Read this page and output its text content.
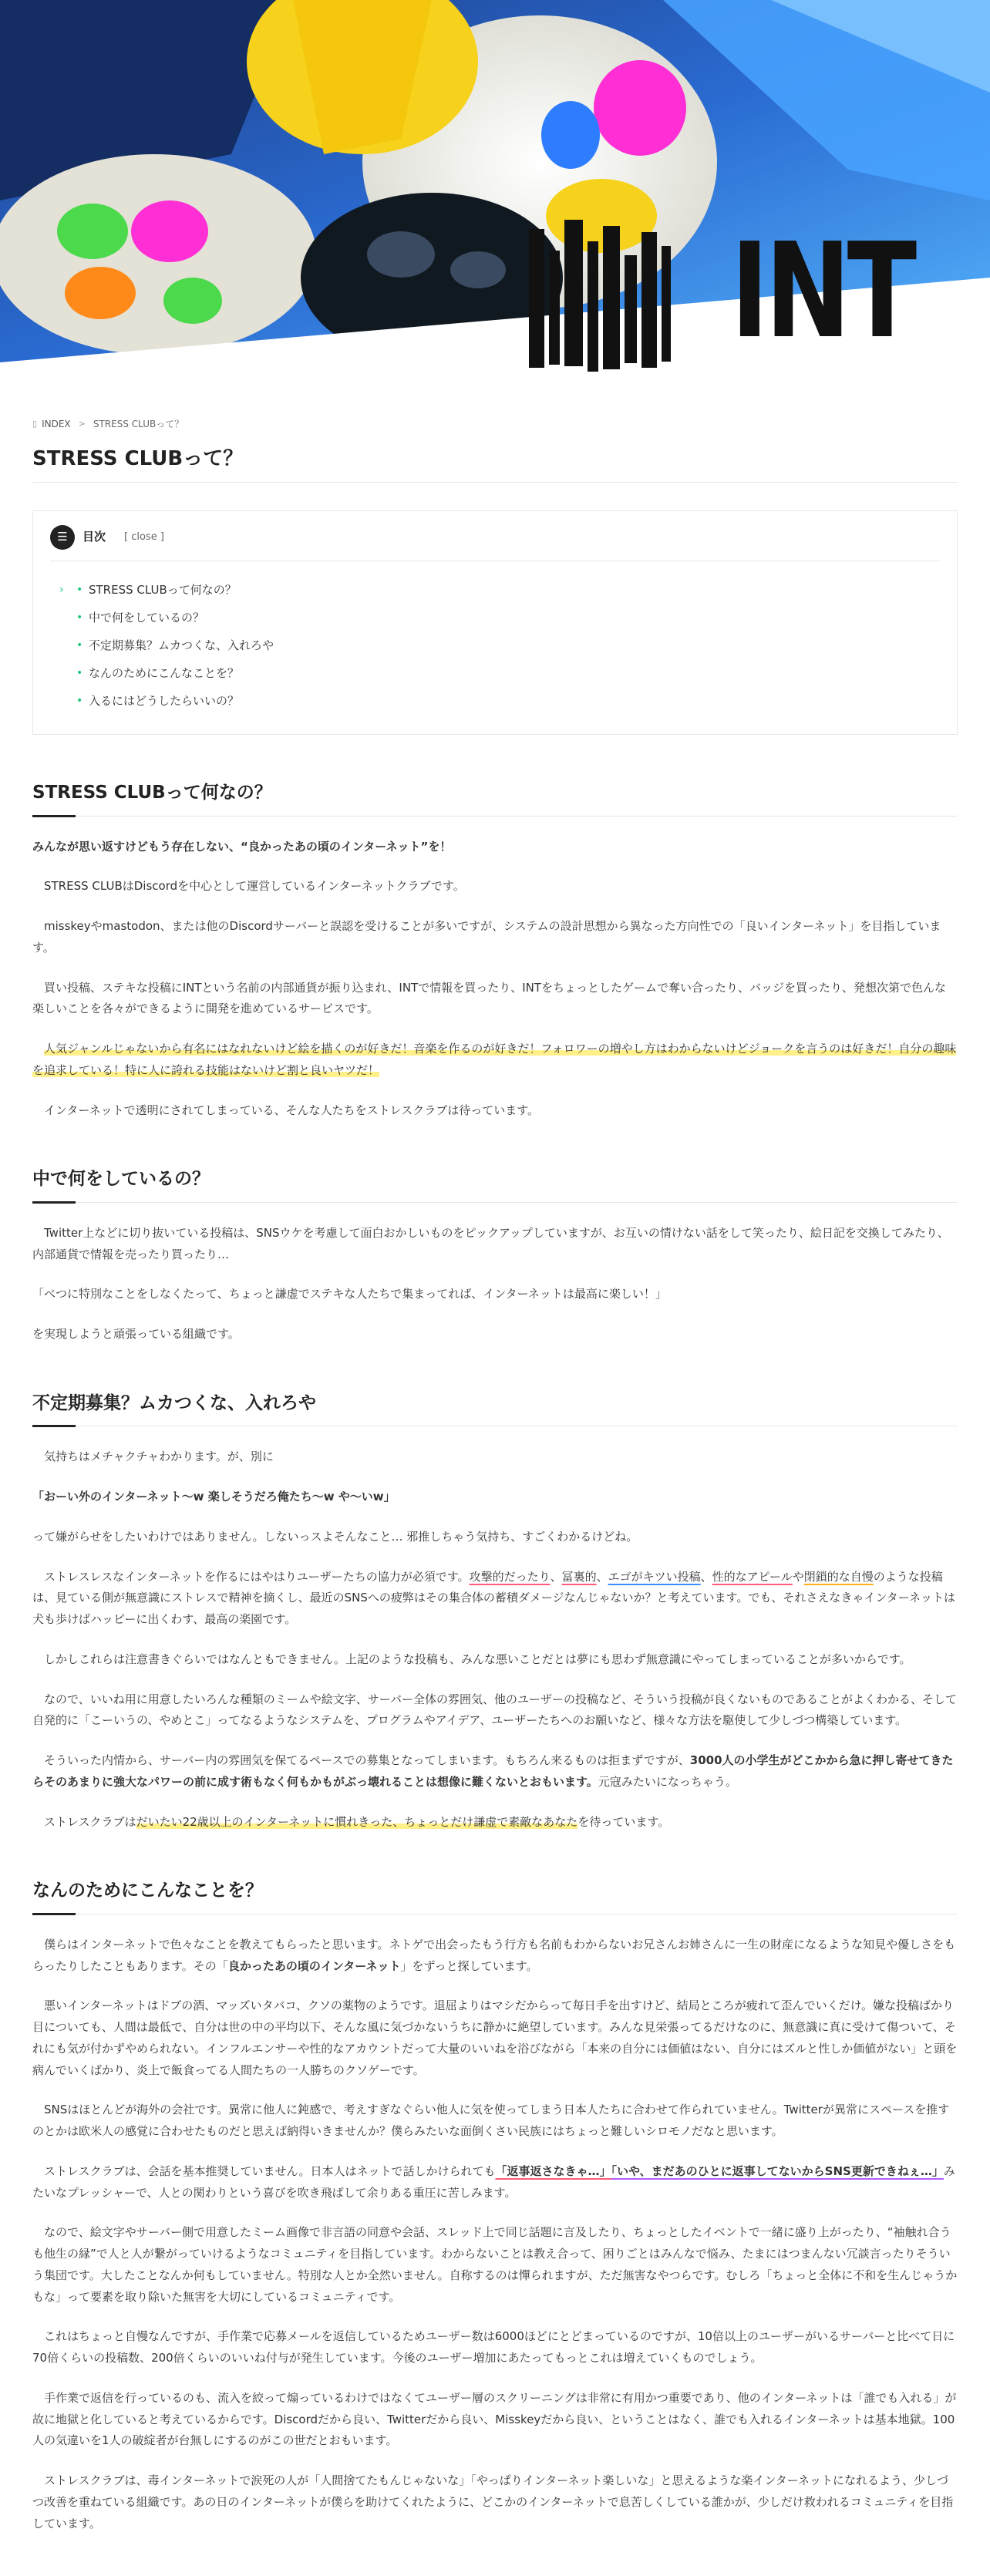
INT
▯ INDEX > STRESS CLUBって？
STRESS CLUBって？
☰	目次 [ close ]
›	• STRESS CLUBって何なの？
• 中で何をしているの？
• 不定期募集？ムカつくな、入れろや
• なんのためにこんなことを？
• 入るにはどうしたらいいの？
STRESS CLUBって何なの？

みんなが思い返すけどもう存在しない、“良かったあの頃のインターネット”を！

STRESS CLUBはDiscordを中心として運営しているインターネットクラブです。

misskeyやmastodon、または他のDiscordサーバーと誤認を受けることが多いですが、システムの設計思想から異なった方向性での「良いインターネット」を目指しています。

買い投稿、ステキな投稿にINTという名前の内部通貨が振り込まれ、INTで情報を買ったり、INTをちょっとしたゲームで奪い合ったり、バッジを買ったり、発想次第で色んな楽しいことを各々ができるように開発を進めているサービスです。

人気ジャンルじゃないから有名にはなれないけど絵を描くのが好きだ！音楽を作るのが好きだ！フォロワーの増やし方はわからないけどジョークを言うのは好きだ！自分の趣味を追求している！特に人に誇れる技能はないけど割と良いヤツだ！

インターネットで透明にされてしまっている、そんな人たちをストレスクラブは待っています。

中で何をしているの？

Twitter上などに切り抜いている投稿は、SNSウケを考慮して面白おかしいものをピックアップしていますが、お互いの情けない話をして笑ったり、絵日記を交換してみたり、内部通貨で情報を売ったり買ったり…

「べつに特別なことをしなくたって、ちょっと謙虚でステキな人たちで集まってれば、インターネットは最高に楽しい！」

を実現しようと頑張っている組織です。

不定期募集？ムカつくな、入れろや

気持ちはメチャクチャわかります。が、別に

「おーい外のインターネット〜w 楽しそうだろ俺たち〜w や〜いw」

って嫌がらせをしたいわけではありません。しないっスよそんなこと… 邪推しちゃう気持ち、すごくわかるけどね。

ストレスレスなインターネットを作るにはやはりユーザーたちの協力が必須です。攻撃的だったり、冨裏的、エゴがキツい投稿、性的なアピールや閉鎖的な自慢のような投稿は、見ている側が無意識にストレスで精神を摘くし、最近のSNSへの疲弊はその集合体の蓄積ダメージなんじゃないか？と考えています。でも、それさえなきゃインターネットは犬も歩けばハッピーに出くわす、最高の楽園です。

しかしこれらは注意書きぐらいではなんともできません。上記のような投稿も、みんな悪いことだとは夢にも思わず無意識にやってしまっていることが多いからです。

なので、いいね用に用意したいろんな種類のミームや絵文字、サーバー全体の雰囲気、他のユーザーの投稿など、そういう投稿が良くないものであることがよくわかる、そして自発的に「こーいうの、やめとこ」ってなるようなシステムを、プログラムやアイデア、ユーザーたちへのお願いなど、様々な方法を駆使して少しづつ構築しています。

そういった内情から、サーバー内の雰囲気を保てるペースでの募集となってしまいます。もちろん来るものは拒まずですが、3000人の小学生がどこかから急に押し寄せてきたらそのあまりに強大なパワーの前に成す術もなく何もかもがぶっ壊れることは想像に難くないとおもいます。元寇みたいになっちゃう。

ストレスクラブはだいたい22歳以上のインターネットに慣れきった、ちょっとだけ謙虚で素敵なあなたを待っています。

なんのためにこんなことを？

僕らはインターネットで色々なことを教えてもらったと思います。ネトゲで出会ったもう行方も名前もわからないお兄さんお姉さんに一生の財産になるような知見や優しさをもらったりしたこともあります。その「良かったあの頃のインターネット」をずっと探しています。

悪いインターネットはドブの酒、マッズいタバコ、クソの薬物のようです。退屈よりはマシだからって毎日手を出すけど、結局ところが疲れて歪んでいくだけ。嫌な投稿ばかり目についても、人間は最低で、自分は世の中の平均以下、そんな風に気づかないうちに静かに絶望しています。みんな見栄張ってるだけなのに、無意識に真に受けて傷ついて、それにも気が付かずやめられない。インフルエンサーや性的なアカウントだって大量のいいねを浴びながら「本来の自分には価値はない、自分にはズルと性しか価値がない」と頭を病んでいくばかり、炎上で飯食ってる人間たちの一人勝ちのクソゲーです。

SNSはほとんどが海外の会社です。異常に他人に鈍感で、考えすぎなぐらい他人に気を使ってしまう日本人たちに合わせて作られていません。Twitterが異常にスペースを推すのとかは欧米人の感覚に合わせたものだと思えば納得いきませんか？僕らみたいな面倒くさい民族にはちょっと難しいシロモノだなと思います。

ストレスクラブは、会話を基本推奨していません。日本人はネットで話しかけられても「返事返さなきゃ…」「いや、まだあのひとに返事してないからSNS更新できねぇ…」みたいなプレッシャーで、人との関わりという喜びを吹き飛ばして余りある重圧に苦しみます。

なので、絵文字やサーバー側で用意したミーム画像で非言語の同意や会話、スレッド上で同じ話題に言及したり、ちょっとしたイベントで一緒に盛り上がったり、“袖触れ合うも他生の縁”で人と人が繋がっていけるようなコミュニティを目指しています。わからないことは教え合って、困りごとはみんなで悩み、たまにはつまんない冗談言ったりそういう集団です。大したことなんか何もしていません。特別な人とか全然いません。自称するのは憚られますが、ただ無害なやつらです。むしろ「ちょっと全体に不和を生んじゃうかもな」って要素を取り除いた無害を大切にしているコミュニティです。

これはちょっと自慢なんですが、手作業で応募メールを返信しているためユーザー数は6000ほどにとどまっているのですが、10倍以上のユーザーがいるサーバーと比べて日に70倍くらいの投稿数、200倍くらいのいいね付与が発生しています。今後のユーザー増加にあたってもっとこれは増えていくものでしょう。

手作業で返信を行っているのも、流入を絞って煽っているわけではなくてユーザー層のスクリーニングは非常に有用かつ重要であり、他のインターネットは「誰でも入れる」が故に地獄と化していると考えているからです。Discordだから良い、Twitterだから良い、Misskeyだから良い、ということはなく、誰でも入れるインターネットは基本地獄。100人の気違いを1人の破綻者が台無しにするのがこの世だとおもいます。

ストレスクラブは、毒インターネットで涙死の人が「人間捨てたもんじゃないな」「やっぱりインターネット楽しいな」と思えるような楽インターネットになれるよう、少しづつ改善を重ねている組織です。あの日のインターネットが僕らを助けてくれたように、どこかのインターネットで息苦しくしている誰かが、少しだけ救われるコミュニティを目指しています。
